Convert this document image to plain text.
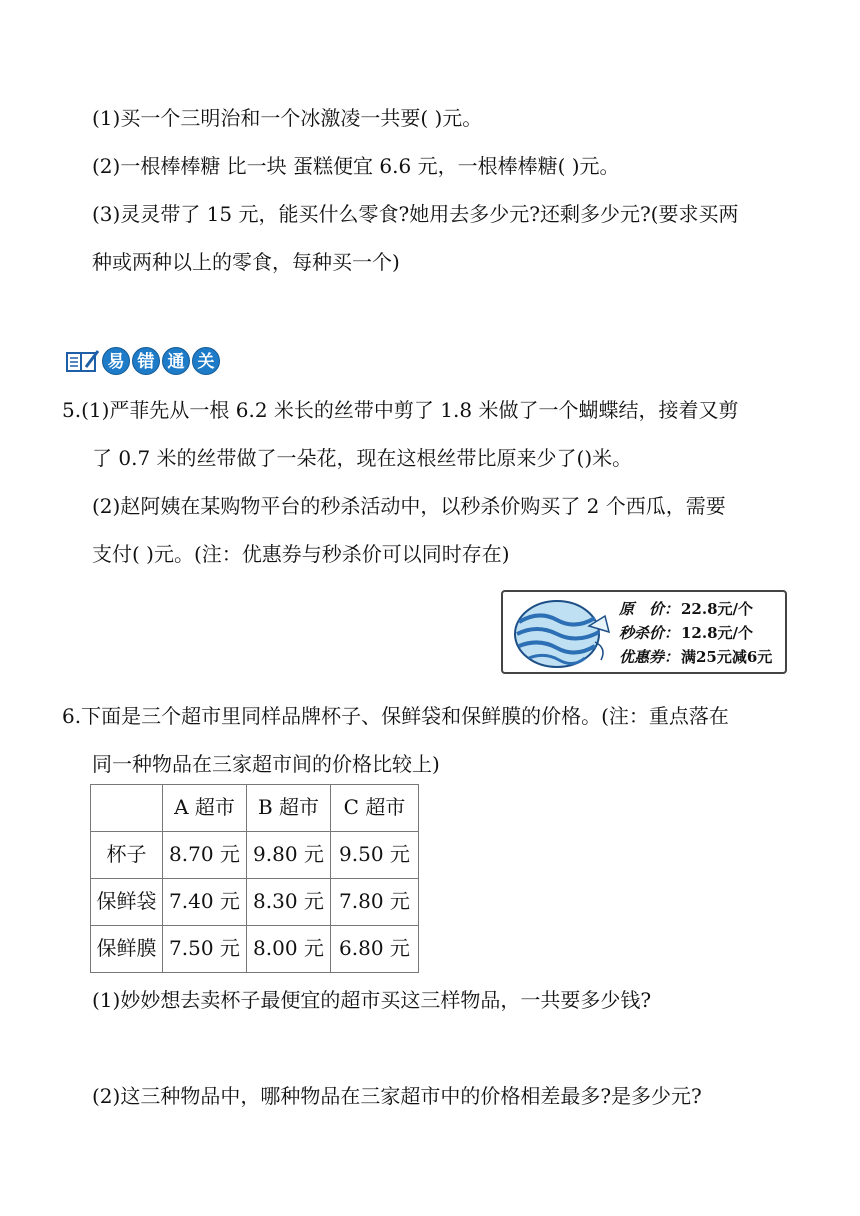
(1)买一个三明治和一个冰激凌一共要( )元。
(2)一根棒棒糖 比一块 蛋糕便宜 6.6 元，一根棒棒糖( )元。
(3)灵灵带了 15 元，能买什么零食?她用去多少元?还剩多少元?(要求买两
种或两种以上的零食，每种买一个)
易 错 通 关
5.(1)严菲先从一根 6.2 米长的丝带中剪了 1.8 米做了一个蝴蝶结，接着又剪
了 0.7 米的丝带做了一朵花，现在这根丝带比原来少了()米。
(2)赵阿姨在某购物平台的秒杀活动中，以秒杀价购买了 2 个西瓜，需要
支付( )元。(注：优惠券与秒杀价可以同时存在)
原　价： 22.8元/个
秒杀价： 12.8元/个
优惠券： 满25元减6元
6.下面是三个超市里同样品牌杯子、保鲜袋和保鲜膜的价格。(注：重点落在
同一种物品在三家超市间的价格比较上)
	A 超市	B 超市	C 超市
杯子	8.70 元	9.80 元	9.50 元
保鲜袋	7.40 元	8.30 元	7.80 元
保鲜膜	7.50 元	8.00 元	6.80 元
(1)妙妙想去卖杯子最便宜的超市买这三样物品，一共要多少钱?
(2)这三种物品中，哪种物品在三家超市中的价格相差最多?是多少元?
